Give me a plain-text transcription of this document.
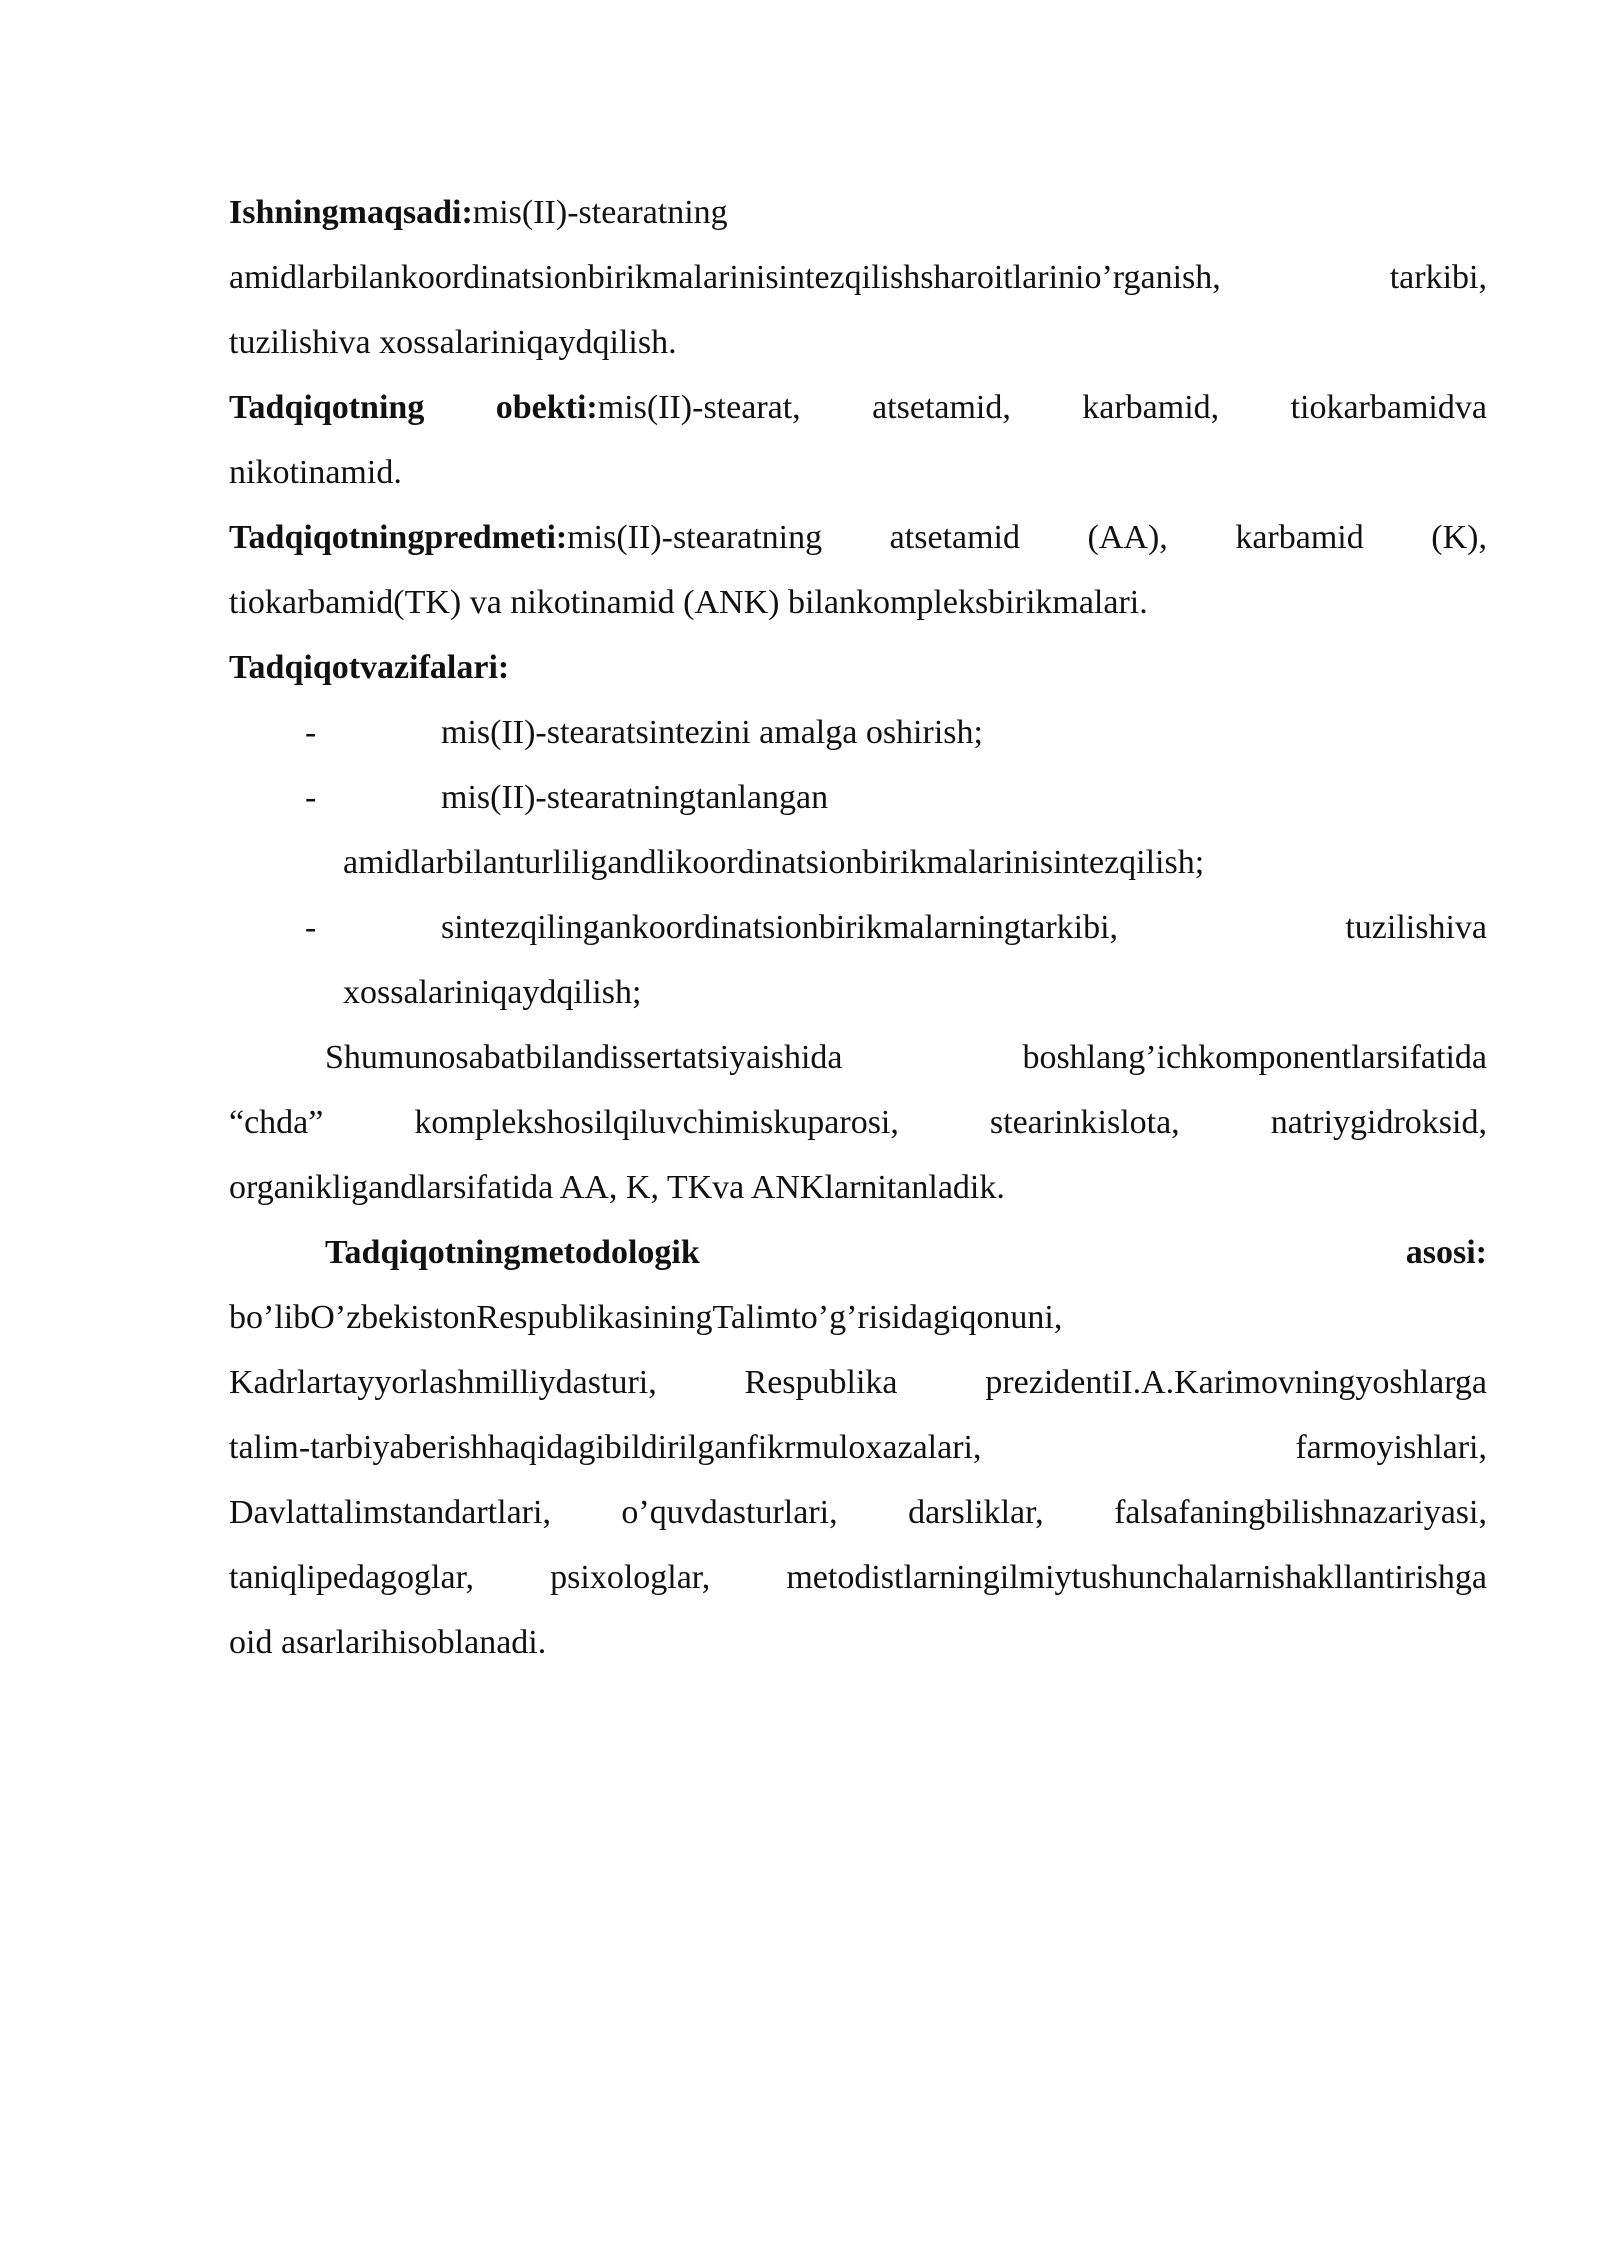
Ishningmaqsadi:mis(II)-stearatning

amidlarbilankoordinatsionbirikmalarinisintezqilishsharoitlarinio’rganish,	tarkibi,

tuzilishiva xossalariniqaydqilish.

Tadqiqotning obekti:mis(II)-stearat, atsetamid, karbamid, tiokarbamidva

nikotinamid.

Tadqiqotningpredmeti:mis(II)-stearatning atsetamid (AA), karbamid (K),

tiokarbamid(TK) va nikotinamid (ANK) bilankompleksbirikmalari.

Tadqiqotvazifalari:

-	mis(II)-stearatsintezini amalga oshirish;
-	mis(II)-stearatningtanlangan
amidlarbilanturliligandlikoordinatsionbirikmalarinisintezqilish;
-	sintezqilingankoordinatsionbirikmalarningtarkibi,	tuzilishiva
xossalariniqaydqilish;
Shumunosabatbilandissertatsiyaishida	boshlang’ichkomponentlarsifatida
“chda”	komplekshosilqiluvchimiskuparosi,	stearinkislota,	natriygidroksid,

organikligandlarsifatida AA, K, TKva ANKlarnitanladik.

Tadqiqotningmetodologik	asosi:

bo’libO’zbekistonRespublikasiningTalimto’g’risidagiqonuni,

Kadrlartayyorlashmilliydasturi,	Respublika	prezidentiI.A.Karimovningyoshlarga
talim-tarbiyaberishhaqidagibildirilganfikrmuloxazalari,	farmoyishlari,
Davlattalimstandartlari, o’quvdasturlari, darsliklar, falsafaningbilishnazariyasi,
taniqlipedagoglar, psixologlar, metodistlarningilmiytushunchalarnishakllantirishga

oid asarlarihisoblanadi.
